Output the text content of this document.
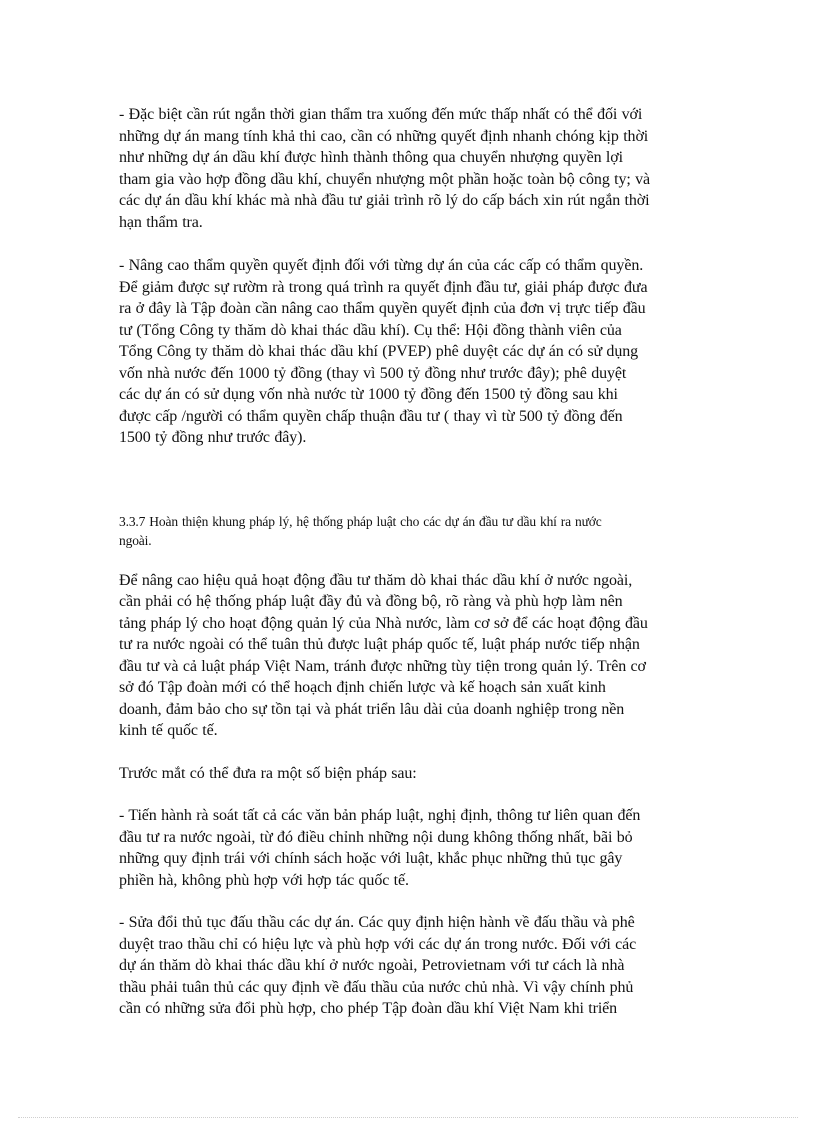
- Đặc biệt cần rút ngắn thời gian thẩm tra xuống đến mức thấp nhất có thể đối với
những dự án mang tính khả thi cao, cần có những quyết định nhanh chóng kịp thời
như những dự án dầu khí được hình thành thông qua chuyển nhượng quyền lợi
tham gia vào hợp đồng dầu khí, chuyển nhượng một phần hoặc toàn bộ công ty; và
các dự án dầu khí khác mà nhà đầu tư giải trình rõ lý do cấp bách xin rút ngắn thời
hạn thẩm tra.

- Nâng cao thẩm quyền quyết định đối với từng dự án của các cấp có thẩm quyền.
Để giảm được sự rườm rà trong quá trình ra quyết định đầu tư, giải pháp được đưa
ra ở đây là Tập đoàn cần nâng cao thẩm quyền quyết định của đơn vị trực tiếp đầu
tư (Tổng Công ty thăm dò khai thác dầu khí). Cụ thể: Hội đồng thành viên của
Tổng Công ty thăm dò khai thác dầu khí (PVEP) phê duyệt các dự án có sử dụng
vốn nhà nước đến 1000 tỷ đồng (thay vì 500 tỷ đồng như trước đây); phê duyệt
các dự án có sử dụng vốn nhà nước từ 1000 tỷ đồng đến 1500 tỷ đồng sau khi
được cấp /người có thẩm quyền chấp thuận đầu tư ( thay vì từ 500 tỷ đồng đến
1500 tỷ đồng như trước đây).

3.3.7 Hoàn thiện khung pháp lý, hệ thống pháp luật cho các dự án đầu tư dầu khí ra nước
ngoài.

Để nâng cao hiệu quả hoạt động đầu tư thăm dò khai thác dầu khí ở nước ngoài,
cần phải có hệ thống pháp luật đầy đủ và đồng bộ, rõ ràng và phù hợp làm nên
tảng pháp lý cho hoạt động quản lý của Nhà nước, làm cơ sở để các hoạt động đầu
tư ra nước ngoài có thể tuân thủ được luật pháp quốc tế, luật pháp nước tiếp nhận
đầu tư và cả luật pháp Việt Nam, tránh được những tùy tiện trong quản lý. Trên cơ
sở đó Tập đoàn mới có thể hoạch định chiến lược và kế hoạch sản xuất kinh
doanh, đảm bảo cho sự tồn tại và phát triển lâu dài của doanh nghiệp trong nền
kinh tế quốc tế.

Trước mắt có thể đưa ra một số biện pháp sau:

- Tiến hành rà soát tất cả các văn bản pháp luật, nghị định, thông tư liên quan đến
đầu tư ra nước ngoài, từ đó điều chỉnh những nội dung không thống nhất, bãi bỏ
những quy định trái với chính sách hoặc với luật, khắc phục những thủ tục gây
phiền hà, không phù hợp với hợp tác quốc tế.

- Sửa đổi thủ tục đấu thầu các dự án. Các quy định hiện hành về đấu thầu và phê
duyệt trao thầu chỉ có hiệu lực và phù hợp với các dự án trong nước. Đối với các
dự án thăm dò khai thác dầu khí ở nước ngoài, Petrovietnam với tư cách là nhà
thầu phải tuân thủ các quy định về đấu thầu của nước chủ nhà. Vì vậy chính phủ
cần có những sửa đổi phù hợp, cho phép Tập đoàn dầu khí Việt Nam khi triển
